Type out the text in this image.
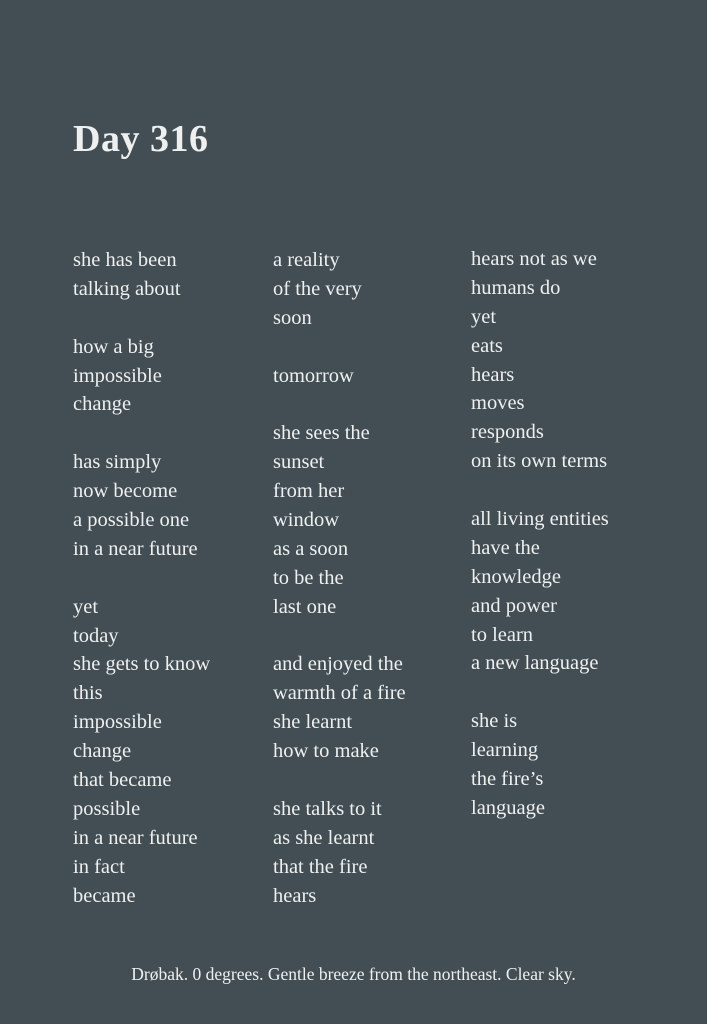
Day 316
she has been
talking about
how a big
impossible
change
has simply
now become
a possible one
in a near future
yet
today
she gets to know
this
impossible
change
that became
possible
in a near future
in fact
became
a reality
of the very
soon
tomorrow
she sees the
sunset
from her
window
as a soon
to be the
last one
and enjoyed the
warmth of a fire
she learnt
how to make
she talks to it
as she learnt
that the fire
hears
hears not as we
humans do
yet
eats
hears
moves
responds
on its own terms
all living entities
have the
knowledge
and power
to learn
a new language
she is
learning
the fire’s
language
Drøbak. 0 degrees. Gentle breeze from the northeast. Clear sky.
